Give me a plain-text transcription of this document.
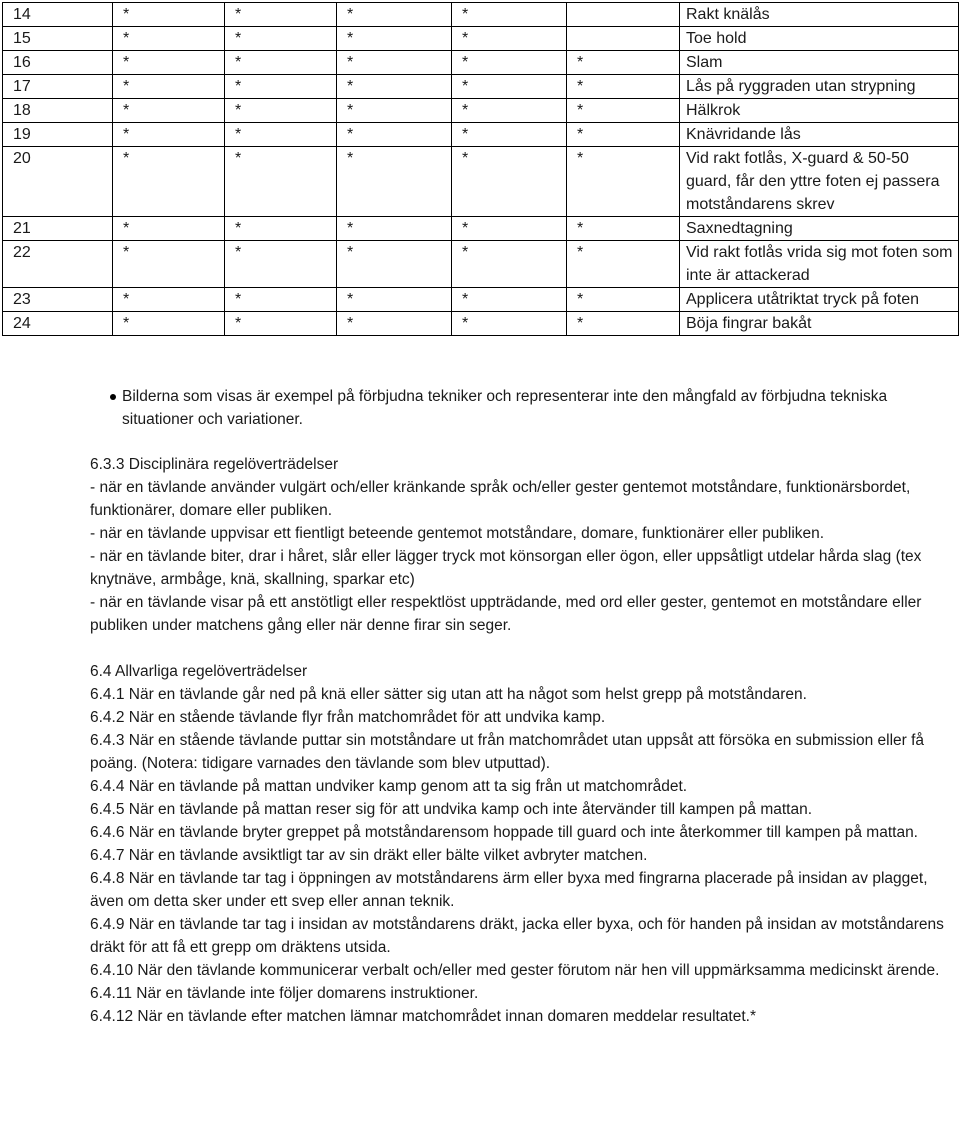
14	*	*	*	*		Rakt knälås
15	*	*	*	*		Toe hold
16	*	*	*	*	*	Slam
17	*	*	*	*	*	Lås på ryggraden utan strypning
18	*	*	*	*	*	Hälkrok
19	*	*	*	*	*	Knävridande lås
20	*	*	*	*	*	Vid rakt fotlås, X-guard & 50-50 guard, får den yttre foten ej passera motståndarens skrev
21	*	*	*	*	*	Saxnedtagning
22	*	*	*	*	*	Vid rakt fotlås vrida sig mot foten som inte är attackerad
23	*	*	*	*	*	Applicera utåtriktat tryck på foten
24	*	*	*	*	*	Böja fingrar bakåt
Bilderna som visas är exempel på förbjudna tekniker och representerar inte den mångfald av förbjudna tekniska situationer och variationer.

6.3.3 Disciplinära regelöverträdelser

- när en tävlande använder vulgärt och/eller kränkande språk och/eller gester gentemot motståndare, funktionärsbordet, funktionärer, domare eller publiken.

- när en tävlande uppvisar ett fientligt beteende gentemot motståndare, domare, funktionärer eller publiken.

- när en tävlande biter, drar i håret, slår eller lägger tryck mot könsorgan eller ögon, eller uppsåtligt utdelar hårda slag (tex knytnäve, armbåge, knä, skallning, sparkar etc)

- när en tävlande visar på ett anstötligt eller respektlöst uppträdande, med ord eller gester, gentemot en motståndare eller publiken under matchens gång eller när denne firar sin seger.

6.4 Allvarliga regelöverträdelser

6.4.1 När en tävlande går ned på knä eller sätter sig utan att ha något som helst grepp på motståndaren.

6.4.2 När en stående tävlande flyr från matchområdet för att undvika kamp.

6.4.3 När en stående tävlande puttar sin motståndare ut från matchområdet utan uppsåt att försöka en submission eller få poäng. (Notera: tidigare varnades den tävlande som blev utputtad).

6.4.4 När en tävlande på mattan undviker kamp genom att ta sig från ut matchområdet.

6.4.5 När en tävlande på mattan reser sig för att undvika kamp och inte återvänder till kampen på mattan.

6.4.6 När en tävlande bryter greppet på motståndarensom hoppade till guard och inte återkommer till kampen på mattan.

6.4.7 När en tävlande avsiktligt tar av sin dräkt eller bälte vilket avbryter matchen.

6.4.8 När en tävlande tar tag i öppningen av motståndarens ärm eller byxa med fingrarna placerade på insidan av plagget, även om detta sker under ett svep eller annan teknik.

6.4.9 När en tävlande tar tag i insidan av motståndarens dräkt, jacka eller byxa, och för handen på insidan av motståndarens dräkt för att få ett grepp om dräktens utsida.

6.4.10 När den tävlande kommunicerar verbalt och/eller med gester förutom när hen vill uppmärksamma medicinskt ärende.

6.4.11 När en tävlande inte följer domarens instruktioner.

6.4.12 När en tävlande efter matchen lämnar matchområdet innan domaren meddelar resultatet.*
